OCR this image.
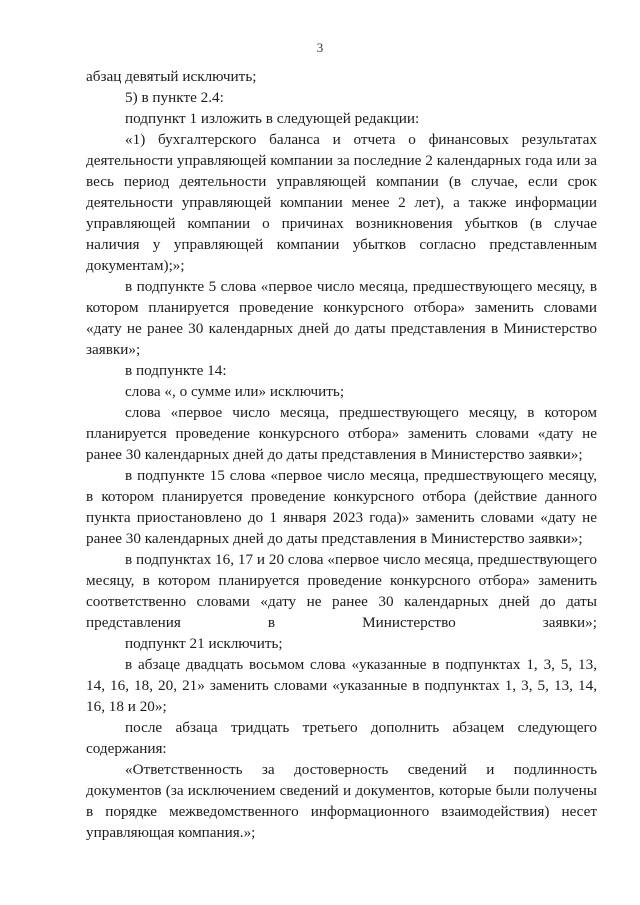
3

абзац девятый исключить;

5) в пункте 2.4:

подпункт 1 изложить в следующей редакции:

«1) бухгалтерского баланса и отчета о финансовых результатах деятельности управляющей компании за последние 2 календарных года или за весь период деятельности управляющей компании (в случае, если срок деятельности управляющей компании менее 2 лет), а также информации управляющей компании о причинах возникновения убытков (в случае наличия у управляющей компании убытков согласно представленным документам);»;

в подпункте 5 слова «первое число месяца, предшествующего месяцу, в котором планируется проведение конкурсного отбора» заменить словами «дату не ранее 30 календарных дней до даты представления в Министерство заявки»;

в подпункте 14:

слова «, о сумме или» исключить;

слова «первое число месяца, предшествующего месяцу, в котором планируется проведение конкурсного отбора» заменить словами «дату не ранее 30 календарных дней до даты представления в Министерство заявки»;

в подпункте 15 слова «первое число месяца, предшествующего месяцу, в котором планируется проведение конкурсного отбора (действие данного пункта приостановлено до 1 января 2023 года)» заменить словами «дату не ранее 30 календарных дней до даты представления в Министерство заявки»;

в подпунктах 16, 17 и 20 слова «первое число месяца, предшествующего месяцу, в котором планируется проведение конкурсного отбора» заменить соответственно словами «дату не ранее 30 календарных дней до даты представления в Министерство заявки»;

подпункт 21 исключить;

в абзаце двадцать восьмом слова «указанные в подпунктах 1, 3, 5, 13, 14, 16, 18, 20, 21» заменить словами «указанные в подпунктах 1, 3, 5, 13, 14, 16, 18 и 20»;

после абзаца тридцать третьего дополнить абзацем следующего содержания:

«Ответственность за достоверность сведений и подлинность документов (за исключением сведений и документов, которые были получены в порядке межведомственного информационного взаимодействия) несет управляющая компания.»;
